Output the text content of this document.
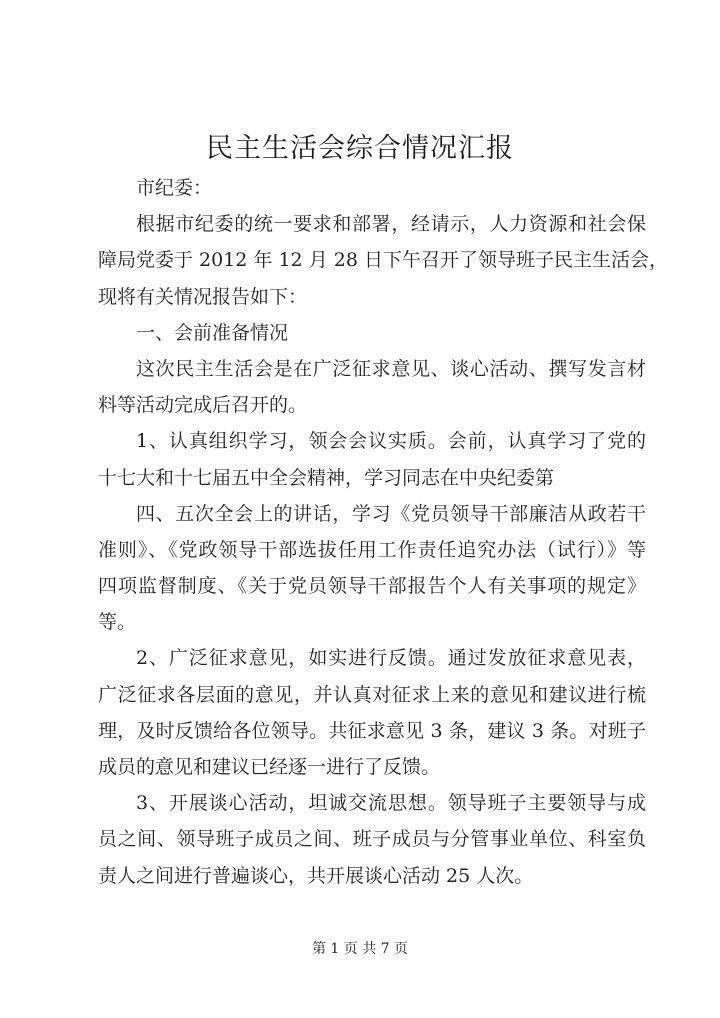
民主生活会综合情况汇报
市纪委：
根据市纪委的统一要求和部署，经请示，人力资源和社会保
障局党委于 2012 年 12 月 28 日下午召开了领导班子民主生活会，
现将有关情况报告如下：
一、会前准备情况
这次民主生活会是在广泛征求意见、谈心活动、撰写发言材
料等活动完成后召开的。
1、认真组织学习，领会会议实质。会前，认真学习了党的
十七大和十七届五中全会精神，学习同志在中央纪委第
四、五次全会上的讲话，学习《党员领导干部廉洁从政若干
准则》、《党政领导干部选拔任用工作责任追究办法（试行）》等
四项监督制度、《关于党员领导干部报告个人有关事项的规定》
等。
2、广泛征求意见，如实进行反馈。通过发放征求意见表，
广泛征求各层面的意见，并认真对征求上来的意见和建议进行梳
理，及时反馈给各位领导。共征求意见 3 条，建议 3 条。对班子
成员的意见和建议已经逐一进行了反馈。
3、开展谈心活动，坦诚交流思想。领导班子主要领导与成
员之间、领导班子成员之间、班子成员与分管事业单位、科室负
责人之间进行普遍谈心，共开展谈心活动 25 人次。
第 1 页 共 7 页
